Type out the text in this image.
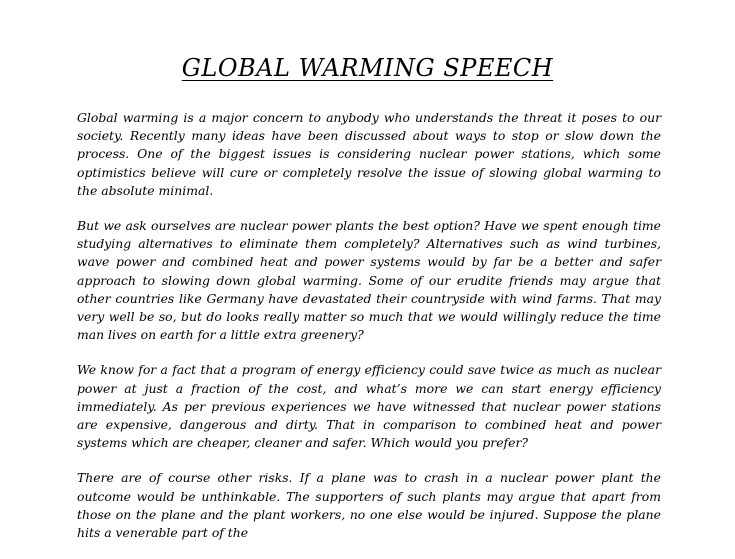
GLOBAL WARMING SPEECH

Global warming is a major concern to anybody who understands the threat it poses to our society. Recently many ideas have been discussed about ways to stop or slow down the process. One of the biggest issues is considering nuclear power stations, which some optimistics believe will cure or completely resolve the issue of slowing global warming to the absolute minimal.

But we ask ourselves are nuclear power plants the best option? Have we spent enough time studying alternatives to eliminate them completely? Alternatives such as wind turbines, wave power and combined heat and power systems would by far be a better and safer approach to slowing down global warming. Some of our erudite friends may argue that other countries like Germany have devastated their countryside with wind farms. That may very well be so, but do looks really matter so much that we would willingly reduce the time man lives on earth for a little extra greenery?

We know for a fact that a program of energy efficiency could save twice as much as nuclear power at just a fraction of the cost, and what’s more we can start energy efficiency immediately. As per previous experiences we have witnessed that nuclear power stations are expensive, dangerous and dirty. That in comparison to combined heat and power systems which are cheaper, cleaner and safer. Which would you prefer?

There are of course other risks. If a plane was to crash in a nuclear power plant the outcome would be unthinkable. The supporters of such plants may argue that apart from those on the plane and the plant workers, no one else would be injured. Suppose the plane hits a venerable part of the
